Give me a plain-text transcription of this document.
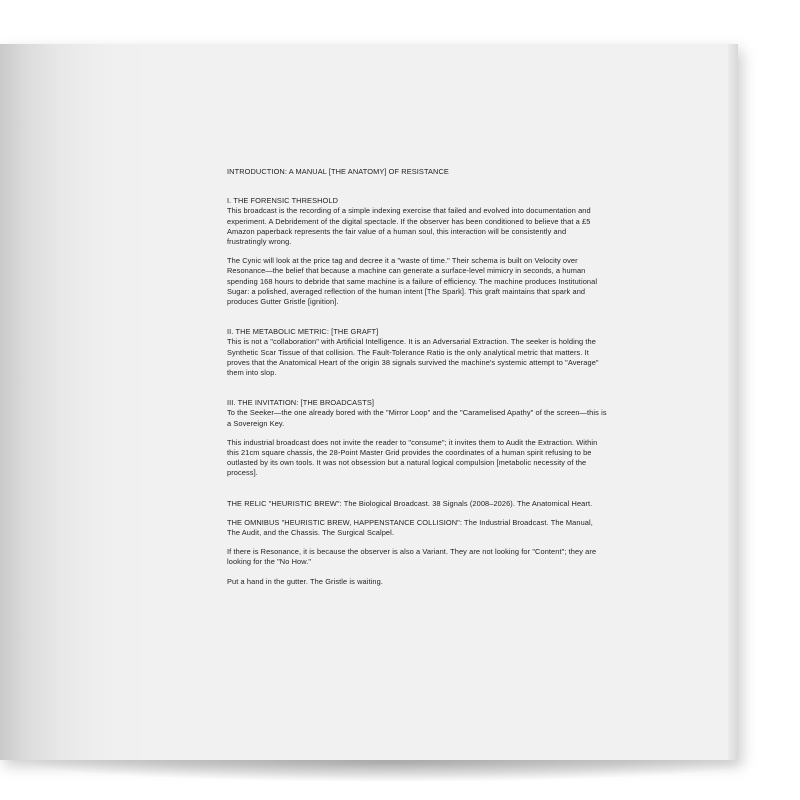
INTRODUCTION: A MANUAL [THE ANATOMY] OF RESISTANCE

I. THE FORENSIC THRESHOLD

This broadcast is the recording of a simple indexing exercise that failed and evolved into documentation and experiment. A Debridement of the digital spectacle. If the observer has been conditioned to believe that a £5 Amazon paperback represents the fair value of a human soul, this interaction will be consistently and frustratingly wrong.

The Cynic will look at the price tag and decree it a "waste of time." Their schema is built on Velocity over Resonance—the belief that because a machine can generate a surface-level mimicry in seconds, a human spending 168 hours to debride that same machine is a failure of efficiency. The machine produces Institutional Sugar: a polished, averaged reflection of the human intent [The Spark]. This graft maintains that spark and produces Gutter Gristle [ignition].

II. THE METABOLIC METRIC: [THE GRAFT]

This is not a "collaboration" with Artificial Intelligence. It is an Adversarial Extraction. The seeker is holding the Synthetic Scar Tissue of that collision. The Fault-Tolerance Ratio is the only analytical metric that matters. It proves that the Anatomical Heart of the origin 38 signals survived the machine's systemic attempt to "Average" them into slop.

III. THE INVITATION: [THE BROADCASTS]

To the Seeker—the one already bored with the "Mirror Loop" and the "Caramelised Apathy" of the screen—this is a Sovereign Key.

This industrial broadcast does not invite the reader to "consume"; it invites them to Audit the Extraction. Within this 21cm square chassis, the 28-Point Master Grid provides the coordinates of a human spirit refusing to be outlasted by its own tools. It was not obsession but a natural logical compulsion [metabolic necessity of the process].

THE RELIC "HEURISTIC BREW": The Biological Broadcast. 38 Signals (2008–2026). The Anatomical Heart.

THE OMNIBUS "HEURISTIC BREW, HAPPENSTANCE COLLISION": The Industrial Broadcast. The Manual, The Audit, and the Chassis. The Surgical Scalpel.

If there is Resonance, it is because the observer is also a Variant. They are not looking for "Content"; they are looking for the "No How."

Put a hand in the gutter. The Gristle is waiting.
